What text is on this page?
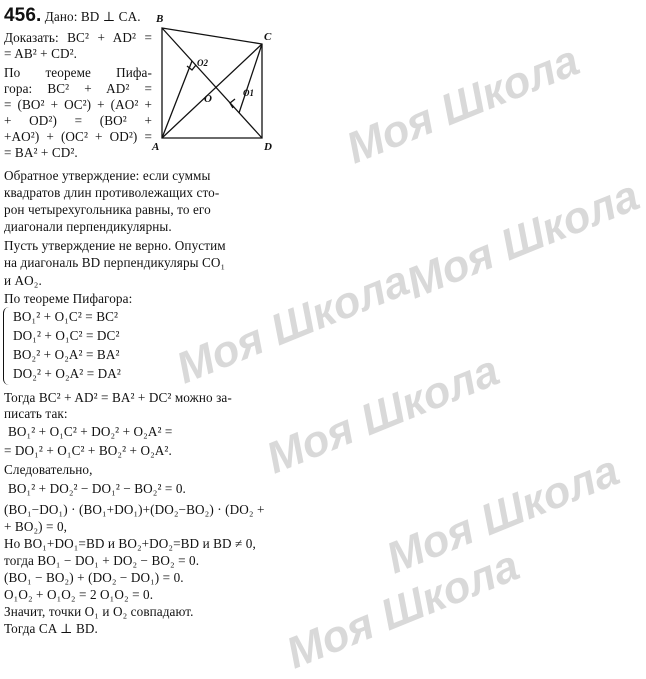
Моя Школа
Моя Школа
Моя Школа
Моя Школа
Моя Школа
Моя Школа
456. Дано: BD ⊥ CA.
Доказать: BC² + AD² =
= AB² + CD².
По теореме Пифа-
гора: BC² + AD² =
= (BO² + OC²) + (AO² +
+ OD²) = (BO² +
+AO²) + (OC² + OD²) =
= BA² + CD².
B
C
O2
O	O1
A	D
Обратное утверждение: если суммы
квадратов длин противолежащих сто-
рон четырехугольника равны, то его
диагонали перпендикулярны.
Пусть утверждение не верно. Опустим
на диагональ BD перпендикуляры CO₁
и AO₂.
По теореме Пифагора:
BO₁² + O₁C² = BC²
DO₁² + O₁C² = DC²
BO₂² + O₂A² = BA²
DO₂² + O₂A² = DA²
Тогда BC² + AD² = BA² + DC² можно за-
писать так:
BO₁² + O₁C² + DO₂² + O₂A² =
= DO₁² + O₁C² + BO₂² + O₂A².
Следовательно,
BO₁² + DO₂² − DO₁² − BO₂² = 0.
(BO₁−DO₁) · (BO₁+DO₁)+(DO₂−BO₂) · (DO₂ +
+ BO₂) = 0,
Но BO₁+DO₁=BD и BO₂+DO₂=BD и BD ≠ 0,
тогда BO₁ − DO₁ + DO₂ − BO₂ = 0.
(BO₁ − BO₂) + (DO₂ − DO₁) = 0.
O₁O₂ + O₁O₂ = 2 O₁O₂ = 0.
Значит, точки O₁ и O₂ совпадают.
Тогда CA ⊥ BD.
